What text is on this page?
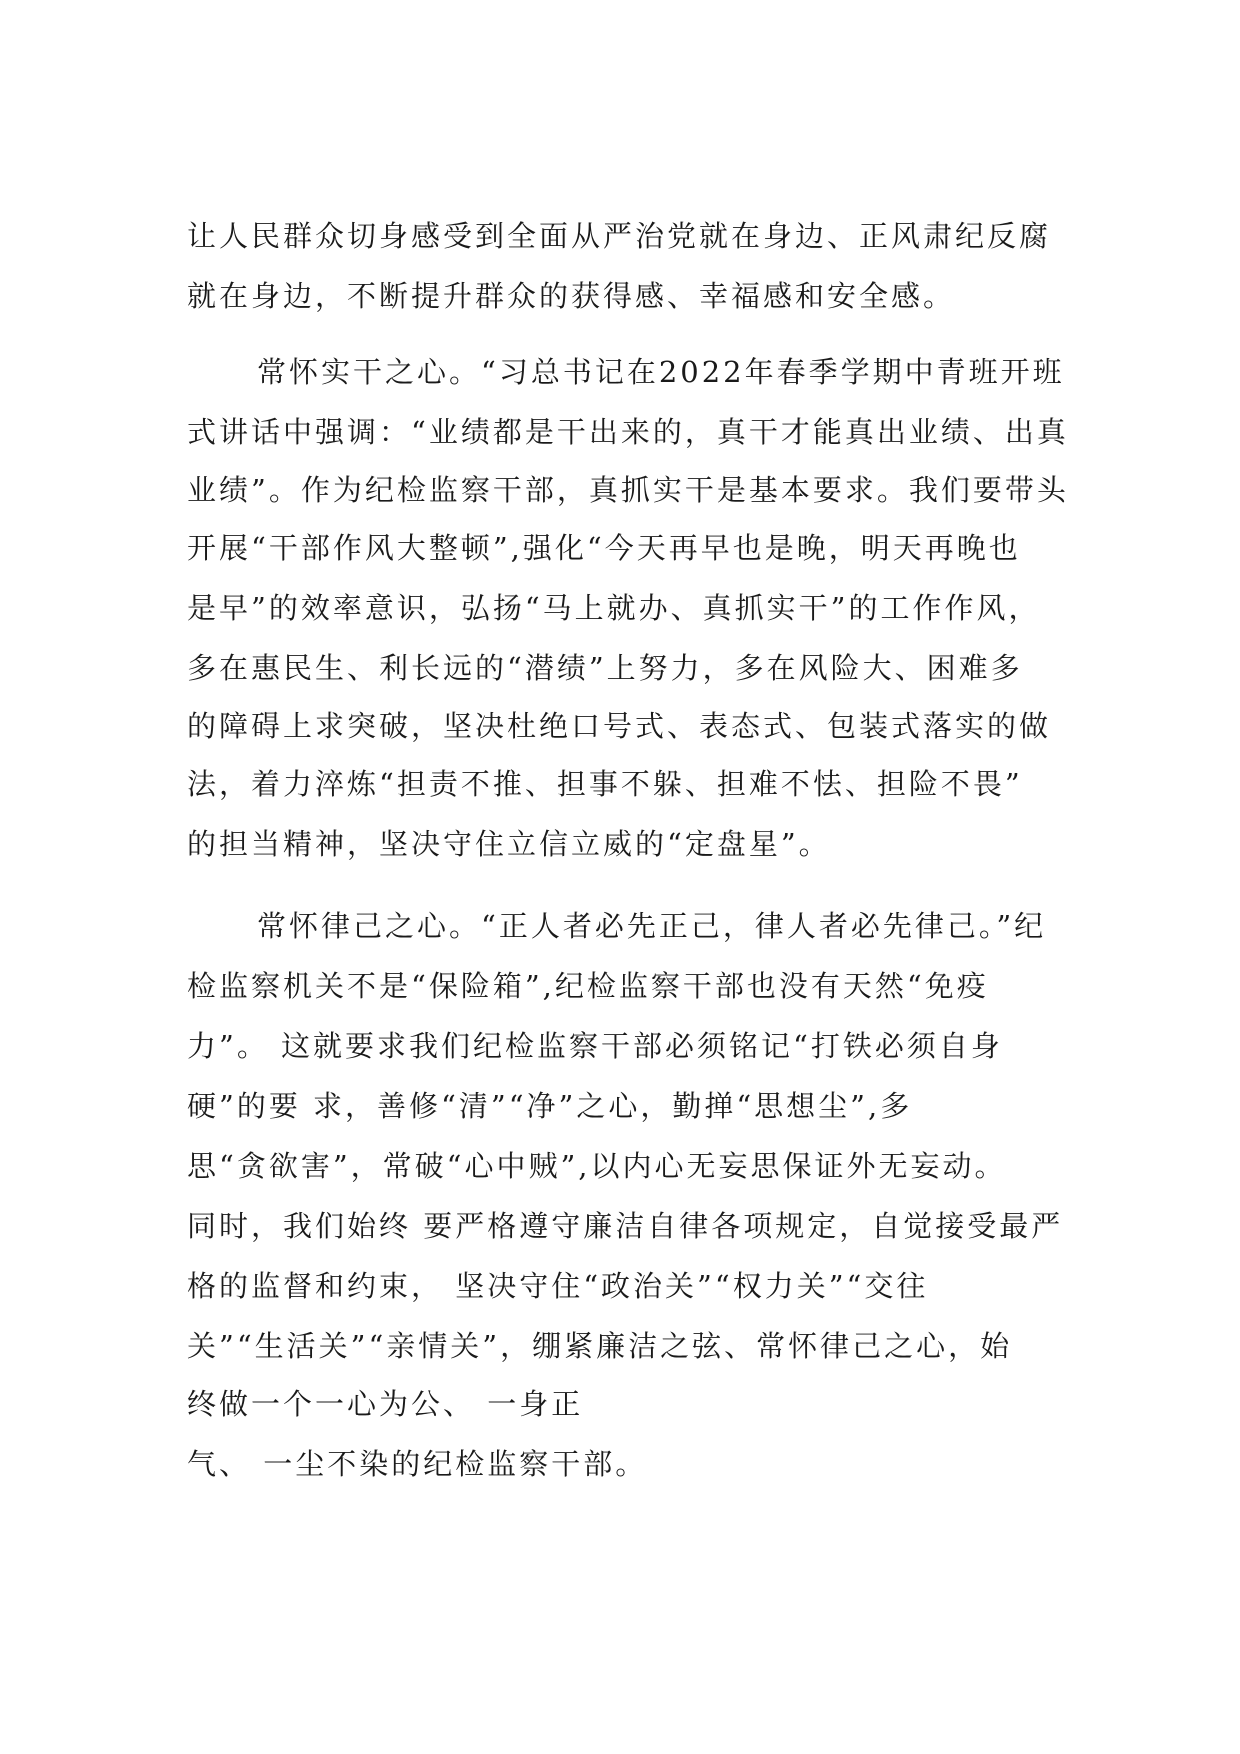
让人民群众切身感受到全面从严治党就在身边、正风肃纪反腐
就在身边，不断提升群众的获得感、幸福感和安全感。
常怀实干之心。“习总书记在2022年春季学期中青班开班
式讲话中强调：“业绩都是干出来的，真干才能真出业绩、出真
业绩”。作为纪检监察干部，真抓实干是基本要求。我们要带头
开展“干部作风大整顿”,强化“今天再早也是晚，明天再晚也
是早”的效率意识，弘扬“马上就办、真抓实干”的工作作风，
多在惠民生、利长远的“潜绩”上努力，多在风险大、困难多
的障碍上求突破，坚决杜绝口号式、表态式、包装式落实的做
法，着力淬炼“担责不推、担事不躲、担难不怯、担险不畏”
的担当精神，坚决守住立信立威的“定盘星”。
常怀律己之心。“正人者必先正己，律人者必先律己。”纪
检监察机关不是“保险箱”,纪检监察干部也没有天然“免疫
力”。 这就要求我们纪检监察干部必须铭记“打铁必须自身
硬”的要 求，善修“清”“净”之心，勤掸“思想尘”,多
思“贪欲害”，常破“心中贼”,以内心无妄思保证外无妄动。
同时，我们始终 要严格遵守廉洁自律各项规定，自觉接受最严
格的监督和约束， 坚决守住“政治关”“权力关”“交往
关”“生活关”“亲情关”，绷紧廉洁之弦、常怀律己之心，始
终做一个一心为公、 一身正
气、 一尘不染的纪检监察干部。
